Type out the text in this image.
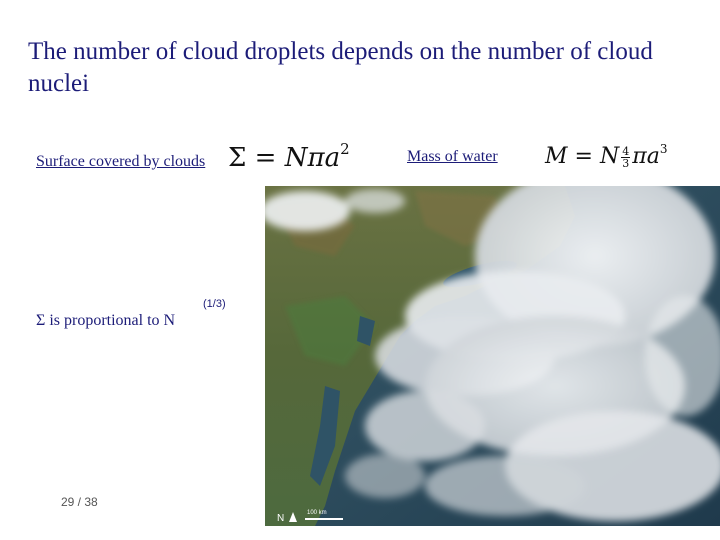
The number of cloud droplets depends on the number of cloud nuclei
Surface covered by clouds Σ = Nπa$^2$	Mass of water M = N $\frac{4}{3} \pi a^3$
Σ is proportional to N
(1/3)
29 / 38
100 km
N
